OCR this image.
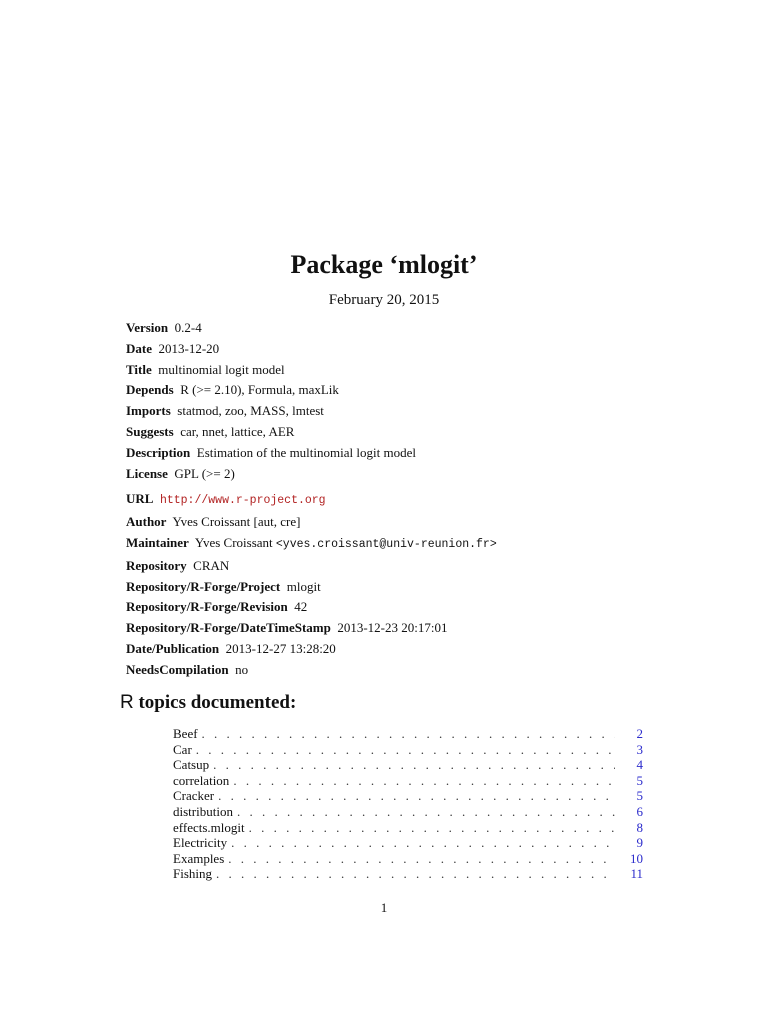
Package ‘mlogit’
February 20, 2015
Version 0.2-4
Date 2013-12-20
Title multinomial logit model
Depends R (>= 2.10), Formula, maxLik
Imports statmod, zoo, MASS, lmtest
Suggests car, nnet, lattice, AER
Description Estimation of the multinomial logit model
License GPL (>= 2)
URL http://www.r-project.org
Author Yves Croissant [aut, cre]
Maintainer Yves Croissant <yves.croissant@univ-reunion.fr>
Repository CRAN
Repository/R-Forge/Project mlogit
Repository/R-Forge/Revision 42
Repository/R-Forge/DateTimeStamp 2013-12-23 20:17:01
Date/Publication 2013-12-27 13:28:20
NeedsCompilation no
R topics documented:
Beef . . .	2
Car . . .	3
Catsup . . .	4
correlation . . .	5
Cracker . . .	5
distribution . . .	6
effects.mlogit . . .	8
Electricity . . .	9
Examples . . .	10
Fishing . . .	11
1
